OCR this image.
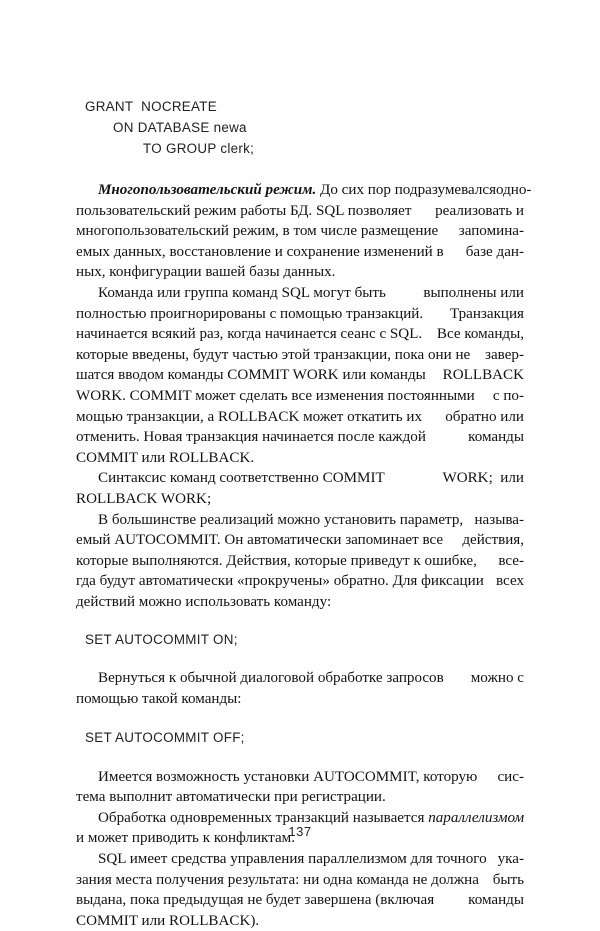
GRANT  NOCREATE
ON DATABASE newa
TO GROUP clerk;

Многопользовательский режим. До сих пор подразумевался одно-
пользовательский режим работы БД. SQL позволяет реализовать и
многопользовательский режим, в том числе размещение запомина-
емых данных, восстановление и сохранение изменений в базе дан-
ных, конфигурации вашей базы данных.

Команда или группа команд SQL могут быть выполнены или
полностью проигнорированы с помощью транзакций. Транзакция
начинается всякий раз, когда начинается сеанс с SQL. Все команды,
которые введены, будут частью этой транзакции, пока они не завер-
шатся вводом команды COMMIT WORK или команды ROLLBACK
WORK. COMMIT может сделать все изменения постоянными с по-
мощью транзакции, а ROLLBACK может откатить их обратно или
отменить. Новая транзакция начинается после каждой	команды
COMMIT или ROLLBACK.

Синтаксис команд соответственно COMMIT	WORK;  или
ROLLBACK WORK;

В большинстве реализаций можно установить параметр, называ-
емый AUTOCOMMIT. Он автоматически запоминает все действия,
которые выполняются. Действия, которые приведут к ошибке, все-
гда будут автоматически «прокручены» обратно. Для фиксации всех
действий можно использовать команду:

SET AUTOCOMMIT ON;

Вернуться к обычной диалоговой обработке запросов можно с
помощью такой команды:

SET AUTOCOMMIT OFF;

Имеется возможность установки AUTOCOMMIT, которую сис-
тема выполнит автоматически при регистрации.

Обработка одновременных транзакций называется параллелизмом
и может приводить к конфликтам.

SQL имеет средства управления параллелизмом для точного ука-
зания места получения результата: ни одна команда не должна быть
выдана, пока предыдущая не будет завершена (включая команды
COMMIT или ROLLBACK).

137
